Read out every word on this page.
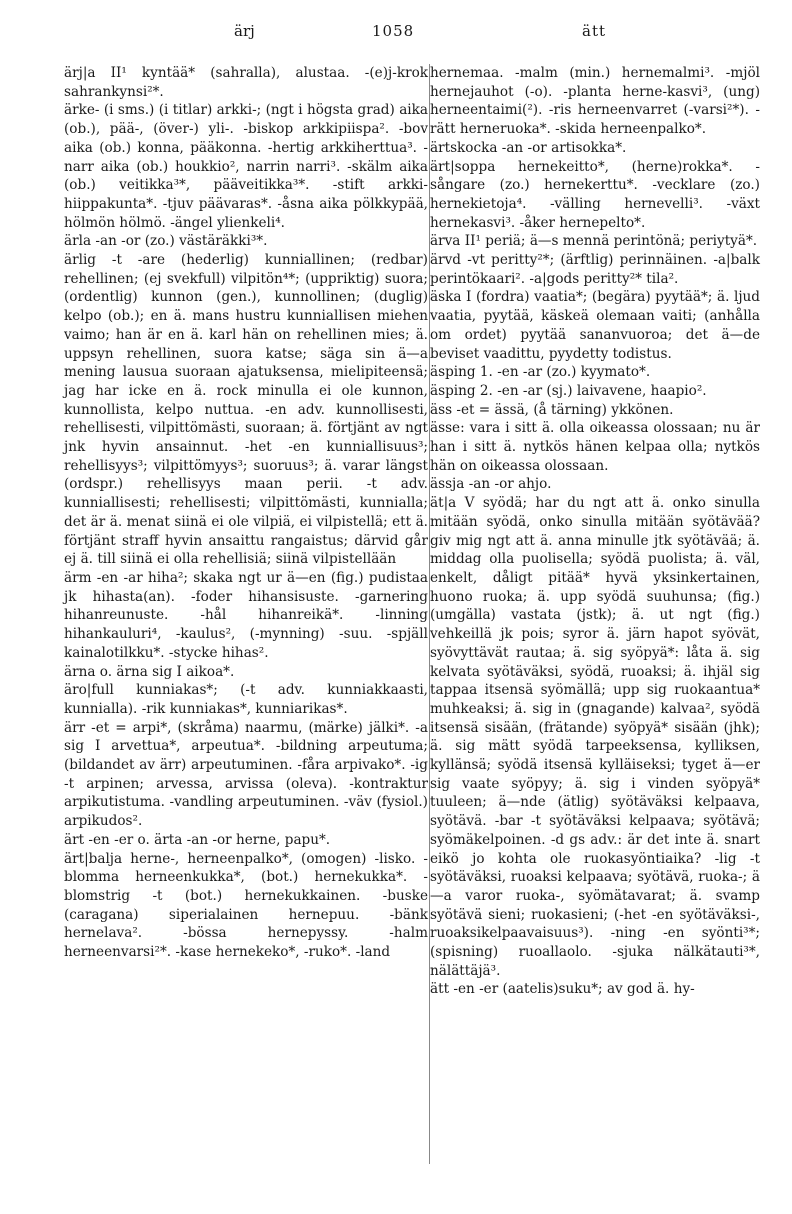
ärj	1058	ätt

ärj|a II¹ kyntää* (sahralla), alustaa. -(e)j-krok sahrankynsi²*.

ärke- (i sms.) (i titlar) arkki-; (ngt i högsta grad) aika (ob.), pää-, (över-) yli-. -biskop arkkipiispa². -bov aika (ob.) konna, pääkonna. -hertig arkkiherttua³. -narr aika (ob.) houkkio², narrin narri³. -skälm aika (ob.) veitikka³*, pääveitikka³*. -stift arkki-hiippakunta*. -tjuv päävaras*. -åsna aika pölkkypää, hölmön hölmö. -ängel ylienkeli⁴.

ärla -an -or (zo.) västäräkki³*.

ärlig -t -are (hederlig) kunniallinen; (redbar) rehellinen; (ej svekfull) vilpitön⁴*; (uppriktig) suora; (ordentlig) kunnon (gen.), kunnollinen; (duglig) kelpo (ob.); en ä. mans hustru kunniallisen miehen vaimo; han är en ä. karl hän on rehellinen mies; ä. uppsyn rehellinen, suora katse; säga sin ä—a mening lausua suoraan ajatuksensa, mielipiteensä; jag har icke en ä. rock minulla ei ole kunnon, kunnollista, kelpo nuttua. -en adv. kunnollisesti, rehellisesti, vilpittömästi, suoraan; ä. förtjänt av ngt jnk hyvin ansainnut. -het -en kunniallisuus³; rehellisyys³; vilpittömyys³; suoruus³; ä. varar längst (ordspr.) rehellisyys maan perii. -t adv. kunniallisesti; rehellisesti; vilpittömästi, kunnialla; det är ä. menat siinä ei ole vilpiä, ei vilpistellä; ett ä. förtjänt straff hyvin ansaittu rangaistus; därvid går ej ä. till siinä ei olla rehellisiä; siinä vilpistellään

ärm -en -ar hiha²; skaka ngt ur ä—en (fig.) pudistaa jk hihasta(an). -foder hihansisuste. -garnering hihanreunuste. -hål hihanreikä*. -linning hihankauluri⁴, -kaulus², (-mynning) -suu. -spjäll kainalotilkku*. -stycke hihas².

ärna o. ärna sig I aikoa*.

äro|full kunniakas*; (-t adv. kunniakkaasti, kunnialla). -rik kunniakas*, kunniarikas*.

ärr -et = arpi*, (skråma) naarmu, (märke) jälki*. -a sig I arvettua*, arpeutua*. -bildning arpeutuma; (bildandet av ärr) arpeutuminen. -fåra arpivako*. -ig -t arpinen; arvessa, arvissa (oleva). -kontraktur arpikutistuma. -vandling arpeutuminen. -väv (fysiol.) arpikudos².

ärt -en -er o. ärta -an -or herne, papu*.

ärt|balja herne-, herneenpalko*, (omogen) -lisko. -blomma herneenkukka*, (bot.) hernekukka*. -blomstrig -t (bot.) hernekukkainen. -buske (caragana) siperialainen hernepuu. -bänk hernelava². -bössa hernepyssy. -halm herneenvarsi²*. -kase hernekeko*, -ruko*. -land

hernemaa. -malm (min.) hernemalmi³. -mjöl hernejauhot (-o). -planta herne-kasvi³, (ung) herneentaimi(²). -ris herneenvarret (-varsi²*). -rätt herneruoka*. -skida herneenpalko*.

ärtskocka -an -or artisokka*.

ärt|soppa hernekeitto*, (herne)rokka*. -sångare (zo.) hernekerttu*. -vecklare (zo.) hernekietoja⁴. -välling hernevelli³. -växt hernekasvi³. -åker hernepelto*.

ärva II¹ periä; ä—s mennä perintönä; periytyä*.

ärvd -vt peritty²*; (ärftlig) perinnäinen. -a|balk perintökaari². -a|gods peritty²* tila².

äska I (fordra) vaatia*; (begära) pyytää*; ä. ljud vaatia, pyytää, käskeä olemaan vaiti; (anhålla om ordet) pyytää sananvuoroa; det ä—de beviset vaadittu, pyydetty todistus.

äsping 1. -en -ar (zo.) kyymato*.

äsping 2. -en -ar (sj.) laivavene, haapio².

äss -et = ässä, (å tärning) ykkönen.

ässe: vara i sitt ä. olla oikeassa olossaan; nu är han i sitt ä. nytkös hänen kelpaa olla; nytkös hän on oikeassa olossaan.

ässja -an -or ahjo.

ät|a V syödä; har du ngt att ä. onko sinulla mitään syödä, onko sinulla mitään syötävää? giv mig ngt att ä. anna minulle jtk syötävää; ä. middag olla puolisella; syödä puolista; ä. väl, enkelt, dåligt pitää* hyvä yksinkertainen, huono ruoka; ä. upp syödä suuhunsa; (fig.) (umgälla) vastata (jstk); ä. ut ngt (fig.) vehkeillä jk pois; syror ä. järn hapot syövät, syövyttävät rautaa; ä. sig syöpyä*: låta ä. sig kelvata syötäväksi, syödä, ruoaksi; ä. ihjäl sig tappaa itsensä syömällä; upp sig ruokaantua* muhkeaksi; ä. sig in (gnagande) kalvaa², syödä itsensä sisään, (frätande) syöpyä* sisään (jhk); ä. sig mätt syödä tarpeeksensa, kylliksen, kyllänsä; syödä itsensä kylläiseksi; tyget ä—er sig vaate syöpyy; ä. sig i vinden syöpyä* tuuleen; ä—nde (ätlig) syötäväksi kelpaava, syötävä. -bar -t syötäväksi kelpaava; syötävä; syömäkelpoinen. -d gs adv.: är det inte ä. snart eikö jo kohta ole ruokasyöntiaika? -lig -t syötäväksi, ruoaksi kelpaava; syötävä, ruoka-; ä—a varor ruoka-, syömätavarat; ä. svamp syötävä sieni; ruokasieni; (-het -en syötäväksi-, ruoaksikelpaavaisuus³). -ning -en syönti³*; (spisning) ruoallaolo. -sjuka nälkätauti³*, nälättäjä³.

ätt -en -er (aatelis)suku*; av god ä. hy-
